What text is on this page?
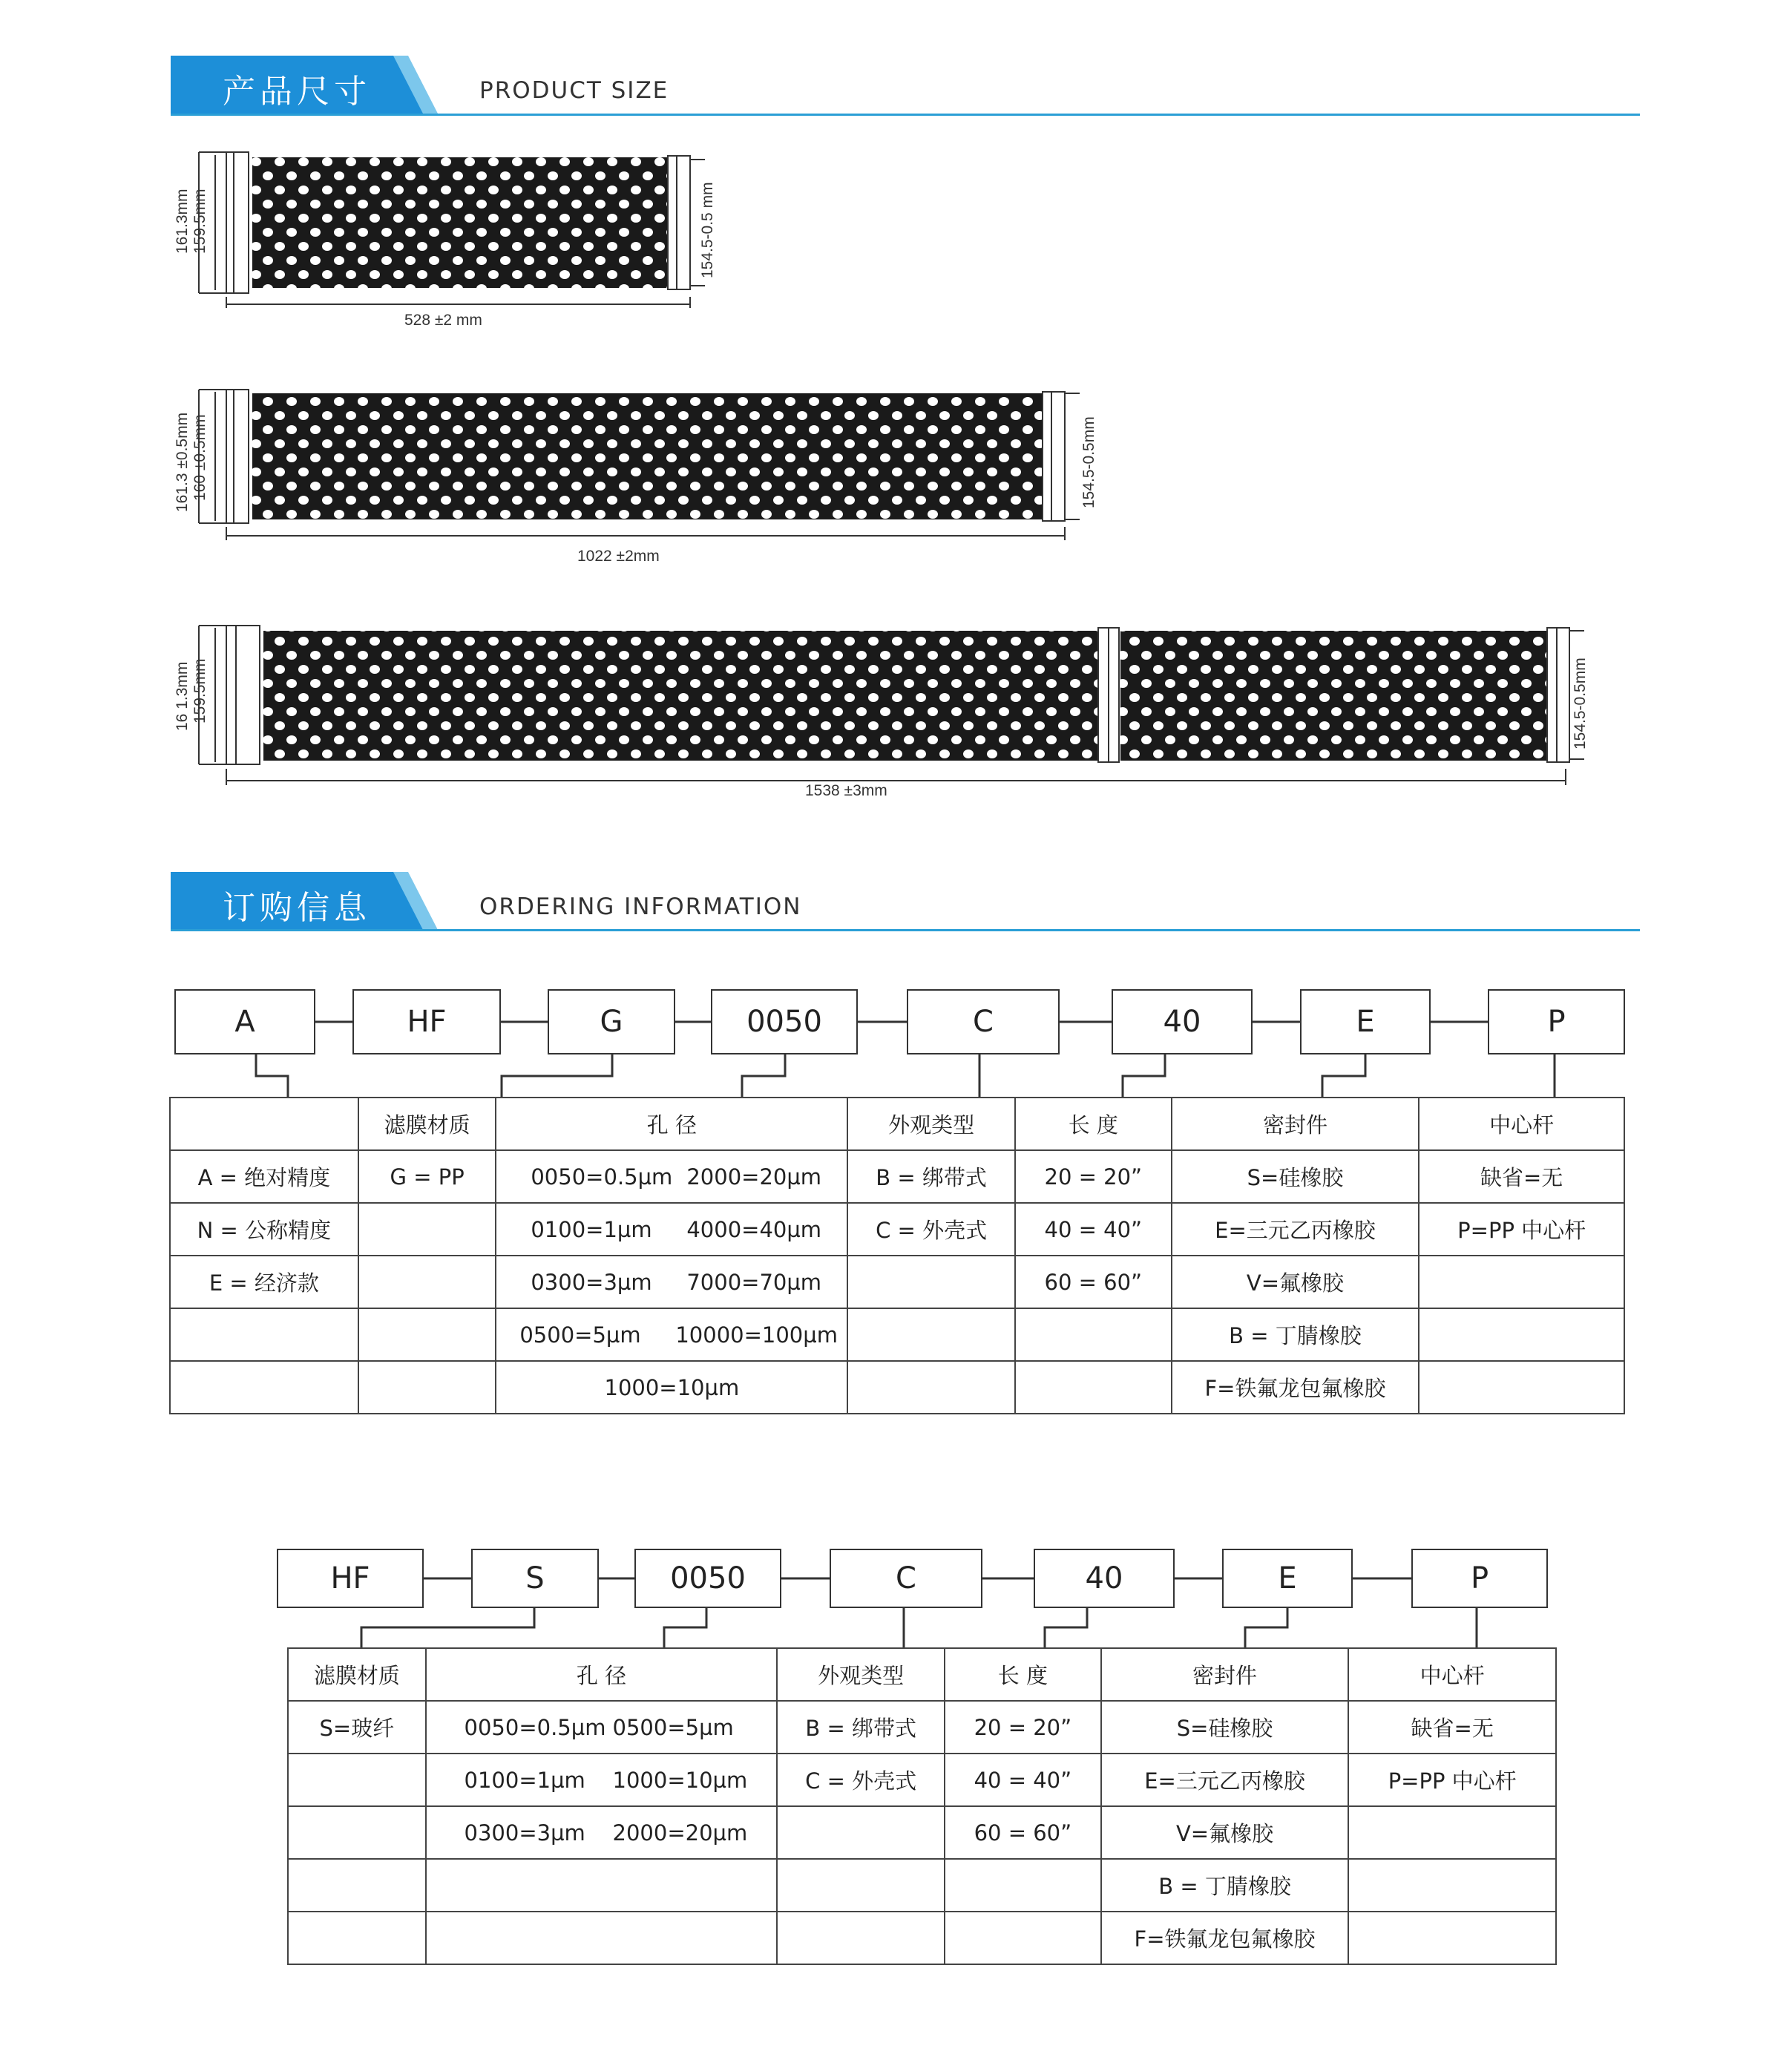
产品尺寸	PRODUCT SIZE
161.3mm 159.5mm	154.5-0.5 mm
528 ±2 mm
161.3 ±0.5mm 160 ±0.5mm	154.5-0.5mm
1022 ±2mm
16 1.3mm 159.5mm	154.5-0.5mm
1538 ±3mm
订购信息	ORDERING INFORMATION
A	HF	G	0050	C	40	E	P
	滤膜材质	孔 径	外观类型	长 度	密封件	中心杆
A = 绝对精度	G = PP	0050=0.5µm 2000=20µm	B = 绑带式	20 = 20”	S=硅橡胶	缺省=无
N = 公称精度		0100=1µm 4000=40µm	C = 外壳式	40 = 40”	E=三元乙丙橡胶	P=PP 中心杆
E = 经济款		0300=3µm 7000=70µm		60 = 60”	V=氟橡胶	

		0500=5µm 10000=100µm			B = 丁腈橡胶	
		1000=10µm			F=铁氟龙包氟橡胶	
HF	S	0050	C	40	E	P
滤膜材质	孔 径	外观类型	长 度	密封件	中心杆
S=玻纤	0050=0.5µm 0500=5µm	B = 绑带式	20 = 20”	S=硅橡胶	缺省=无

	0100=1µm 1000=10µm	C = 外壳式	40 = 40”	E=三元乙丙橡胶	P=PP 中心杆

	0300=3µm 2000=20µm		60 = 60”	V=氟橡胶	
				B = 丁腈橡胶	
				F=铁氟龙包氟橡胶	
